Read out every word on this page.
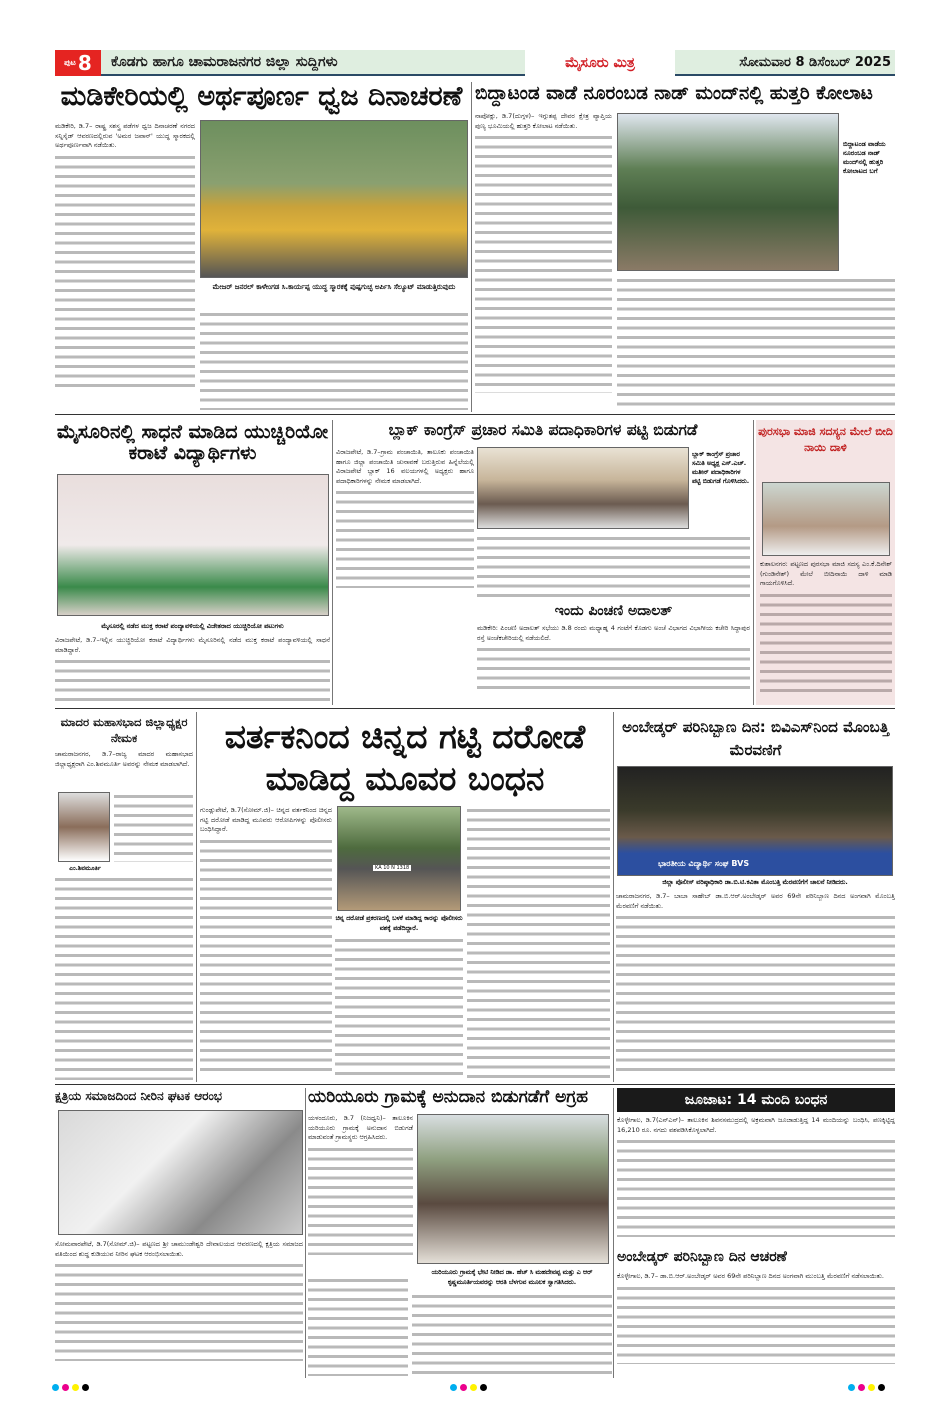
ಪುಟ 8 ಕೊಡಗು ಹಾಗೂ ಚಾಮರಾಜನಗರ ಜಿಲ್ಲಾ ಸುದ್ದಿಗಳು	ಮೈಸೂರು ಮಿತ್ರ	ಸೋಮವಾರ 8 ಡಿಸೆಂಬರ್ 2025
ಮಡಿಕೇರಿಯಲ್ಲಿ ಅರ್ಥಪೂರ್ಣ ಧ್ವಜ ದಿನಾಚರಣೆ
ಮಡಿಕೇರಿ, ಡಿ.7– ರಾಷ್ಟ್ರ ಸಶಸ್ತ್ರ ಪಡೆಗಳ ಧ್ವಜ ದಿನಾಚರಣೆ ನಗರದ ಸನ್ನಿಸೈಡ್ ಆವರಣದಲ್ಲಿರುವ 'ಅಮರ ಜವಾನ್' ಯುದ್ಧ ಸ್ಮಾರಕದಲ್ಲಿ ಅರ್ಥಪೂರ್ಣವಾಗಿ ನಡೆಯಿತು.
ಮೇಜರ್ ಜನರಲ್ ಕಾಳೇಂಗಡ ಸಿ.ಕಾರ್ಯಪ್ಪ ಯುದ್ಧ ಸ್ಮಾರಕಕ್ಕೆ ಪುಷ್ಪಗುಚ್ಛ ಅರ್ಪಿಸಿ ಸೆಲ್ಯೂಟ್ ಮಾಡುತ್ತಿರುವುದು
ಬಿದ್ದಾಟಂಡ ವಾಡೆ ನೂರಂಬಡ ನಾಡ್ ಮಂದ್‌ನಲ್ಲಿ ಹುತ್ತರಿ ಕೋಲಾಟ
ನಾಪೋಕ್ಲು, ಡಿ.7(ದುಗ್ಗಳ)– ಇಗ್ಗುತಪ್ಪ ದೇವರ ಕ್ಷೇತ್ರ ವ್ಯಾಪ್ತಿಯ ಪುಣ್ಯ ಭೂಮಿಯಲ್ಲಿ ಹುತ್ತರಿ ಕೋಲಾಟ ನಡೆಯಿತು.
ಬಿದ್ದಾಟಂಡ ವಾಡೆಯ ನೂರಂಬಡ ನಾಡ್ ಮಂದ್‌ನಲ್ಲಿ ಹುತ್ತರಿ ಕೋಲಾಟದ ಬಗೆ
ಮೈಸೂರಿನಲ್ಲಿ ಸಾಧನೆ ಮಾಡಿದ ಯುಚ್ಚಿರಿಯೋ ಕರಾಟೆ ವಿದ್ಯಾರ್ಥಿಗಳು
ಮೈಸೂರಲ್ಲಿ ನಡೆದ ಮುಕ್ತ ಕರಾಟೆ ಪಂದ್ಯಾವಳಿಯಲ್ಲಿ ವಿಜೇತರಾದ ಯುಚ್ಚಿರಿಯೋ ಪಟುಗಳು
ವಿರಾಜಪೇಟೆ, ಡಿ.7–ಇಲ್ಲಿನ ಯುಚ್ಚಿರಿಯೋ ಕರಾಟೆ ವಿದ್ಯಾರ್ಥಿಗಳು ಮೈಸೂರಿನಲ್ಲಿ ನಡೆದ ಮುಕ್ತ ಕರಾಟೆ ಪಂದ್ಯಾವಳಿಯಲ್ಲಿ ಸಾಧನೆ ಮಾಡಿದ್ದಾರೆ.
ಬ್ಲಾಕ್ ಕಾಂಗ್ರೆಸ್ ಪ್ರಚಾರ ಸಮಿತಿ ಪದಾಧಿಕಾರಿಗಳ ಪಟ್ಟಿ ಬಿಡುಗಡೆ
ವಿರಾಜಪೇಟೆ, ಡಿ.7–ಗ್ರಾಮ ಪಂಚಾಯಿತಿ, ತಾಲೂಕು ಪಂಚಾಯಿತಿ ಹಾಗೂ ಜಿಲ್ಲಾ ಪಂಚಾಯಿತಿ ಚುನಾವಣೆ ಬರುತ್ತಿರುವ ಹಿನ್ನೆಲೆಯಲ್ಲಿ ವಿರಾಜಪೇಟೆ ಬ್ಲಾಕ್ 16 ವಲಯಗಳಲ್ಲಿ ಅಧ್ಯಕ್ಷರು ಹಾಗೂ ಪದಾಧಿಕಾರಿಗಳನ್ನು ನೇಮಕ ಮಾಡಲಾಗಿದೆ.
ಬ್ಲಾಕ್ ಕಾಂಗ್ರೆಸ್ ಪ್ರಚಾರ ಸಮಿತಿ ಅಧ್ಯಕ್ಷ ಎಸ್.ಎಚ್. ಮತೀನ್ ಪದಾಧಿಕಾರಿಗಳ ಪಟ್ಟಿ ಬಿಡುಗಡೆ ಗೊಳಿಸಿದರು.
ಇಂದು ಪಿಂಚಣಿ ಅದಾಲತ್
ಮಡಿಕೇರಿ: ಪಿಂಚಣಿ ಅದಾಲತ್ ಸಭೆಯು ಡಿ.8 ರಂದು ಮಧ್ಯಾಹ್ನ 4 ಗಂಟೆಗೆ ಕೊಡಗು ಅಂಚೆ ವಿಭಾಗದ ವಿಭಾಗೀಯ ಕಚೇರಿ ಸಿದ್ದಾಪುರ ರಸ್ತೆ ಅಂಚೆಕಚೇರಿಯಲ್ಲಿ ನಡೆಯಲಿದೆ.
ಪುರಸಭಾ ಮಾಜಿ ಸದಸ್ಯನ ಮೇಲೆ ಬೀದಿ ನಾಯಿ ದಾಳಿ
ಕುಶಾಲನಗರ: ಪಟ್ಟಣದ ಪುರಸಭಾ ಮಾಜಿ ಸದಸ್ಯ ಎಂ.ಕೆ.ದಿನೇಶ್ (ಗುಂಡಿನೇಶ್) ಮೇಲೆ ಬೀದಿನಾಯಿ ದಾಳಿ ಮಾಡಿ ಗಾಯಗೊಳಿಸಿದೆ.
ಮಾದರ ಮಹಾಸಭಾದ ಜಿಲ್ಲಾಧ್ಯಕ್ಷರ ನೇಮಕ
ಚಾಮರಾಜನಗರ, ಡಿ.7–ರಾಜ್ಯ ಮಾದರ ಮಹಾಸಭಾದ ಜಿಲ್ಲಾಧ್ಯಕ್ಷರಾಗಿ ಎಂ.ಶಿವಮೂರ್ತಿ ಅವರನ್ನು ನೇಮಕ ಮಾಡಲಾಗಿದೆ.
ಎಂ.ಶಿವಮೂರ್ತಿ
ವರ್ತಕನಿಂದ ಚಿನ್ನದ ಗಟ್ಟಿ ದರೋಡೆ ಮಾಡಿದ್ದ ಮೂವರ ಬಂಧನ
ಗುಂಡ್ಲುಪೇಟೆ, ಡಿ.7(ಸೋಮ್.ಜಿ)– ಚಿನ್ನದ ವರ್ತಕನಿಂದ ಚಿನ್ನದ ಗಟ್ಟಿ ದರೋಡೆ ಮಾಡಿದ್ದ ಮೂವರು ಆರೋಪಿಗಳನ್ನು ಪೊಲೀಸರು ಬಂಧಿಸಿದ್ದಾರೆ.
KA 10 N 1318
ಚಿನ್ನ ದರೋಡೆ ಪ್ರಕರಣದಲ್ಲಿ ಬಳಕೆ ಮಾಡಿದ್ದ ಕಾರನ್ನು ಪೊಲೀಸರು ವಶಕ್ಕೆ ಪಡೆದಿದ್ದಾರೆ.
ಅಂಬೇಡ್ಕರ್ ಪರಿನಿಬ್ಬಾಣ ದಿನ: ಬಿವಿಎಸ್‌ನಿಂದ ಮೊಂಬತ್ತಿ ಮೆರವಣಿಗೆ
ಭಾರತೀಯ ವಿದ್ಯಾರ್ಥಿ ಸಂಘ BVS
ಜಿಲ್ಲಾ ಪೊಲೀಸ್ ವರಿಷ್ಠಾಧಿಕಾರಿ ಡಾ.ಬಿ.ಟಿ.ಕವಿತಾ ಮೊಂಬತ್ತಿ ಮೆರವಣಿಗೆಗೆ ಚಾಲನೆ ನೀಡಿದರು.
ಚಾಮರಾಜನಗರ, ಡಿ.7– ಬಾಬಾ ಸಾಹೇಬ್ ಡಾ.ಬಿ.ಆರ್.ಅಂಬೇಡ್ಕರ್ ಅವರ 69ನೇ ಪರಿನಿಬ್ಬಾಣ ದಿನದ ಅಂಗವಾಗಿ ಮೊಂಬತ್ತಿ ಮೆರವಣಿಗೆ ನಡೆಯಿತು.
ಕ್ಷತ್ರಿಯ ಸಮಾಜದಿಂದ ನೀರಿನ ಘಟಕ ಆರಂಭ
ಸೋಮವಾರಪೇಟೆ, ಡಿ.7(ಸೋಮ್.ಜಿ)– ಪಟ್ಟಣದ ಶ್ರೀ ಚಾಮುಂಡೇಶ್ವರಿ ದೇವಾಲಯದ ಆವರಣದಲ್ಲಿ ಕ್ಷತ್ರಿಯ ಸಮಾಜದ ವತಿಯಿಂದ ಶುದ್ಧ ಕುಡಿಯುವ ನೀರಿನ ಘಟಕ ಆರಂಭಿಸಲಾಯಿತು.
ಯರಿಯೂರು ಗ್ರಾಮಕ್ಕೆ ಅನುದಾನ ಬಿಡುಗಡೆಗೆ ಅಗ್ರಹ
ಯಳಂದೂರು, ಡಿ.7 (ನಿಜಧ್ವನಿ)– ತಾಲೂಕಿನ ಯರಿಯೂರು ಗ್ರಾಮಕ್ಕೆ ಅನುದಾನ ಬಿಡುಗಡೆ ಮಾಡುವಂತೆ ಗ್ರಾಮಸ್ಥರು ಆಗ್ರಹಿಸಿದರು.
ಯರಿಯೂರು ಗ್ರಾಮಕ್ಕೆ ಭೇಟಿ ನೀಡಿದ ಡಾ. ಹೆಚ್ ಸಿ ಮಹದೇವಪ್ಪ ಮತ್ತು ಎ ಆರ್ ಕೃಷ್ಣಮೂರ್ತಿಯವರನ್ನು ಆರತಿ ಬೆಳಗುವ ಮೂಲಕ ಸ್ವಾಗತಿಸಿದರು.
ಜೂಜಾಟ: 14 ಮಂದಿ ಬಂಧನ
ಕೊಳ್ಳೇಗಾಲ, ಡಿ.7(ಎನ್‌ಎನ್)– ತಾಲೂಕಿನ ಶಿವನಸಮುದ್ರದಲ್ಲಿ ಅಕ್ರಮವಾಗಿ ಜೂಜಾಡುತ್ತಿದ್ದ 14 ಮಂದಿಯನ್ನು ಬಂಧಿಸಿ, ಪಣಕ್ಕಿಟ್ಟಿದ್ದ 16,210 ರೂ. ನಗದು ವಶಪಡಿಸಿಕೊಳ್ಳಲಾಗಿದೆ.
ಅಂಬೇಡ್ಕರ್ ಪರಿನಿಬ್ಬಾಣ ದಿನ ಆಚರಣೆ
ಕೊಳ್ಳೇಗಾಲ, ಡಿ.7– ಡಾ.ಬಿ.ಆರ್.ಅಂಬೇಡ್ಕರ್ ಅವರ 69ನೇ ಪರಿನಿಬ್ಬಾಣ ದಿನದ ಅಂಗವಾಗಿ ಮುಂಬತ್ತಿ ಮೆರವಣಿಗೆ ನಡೆಸಲಾಯಿತು.
